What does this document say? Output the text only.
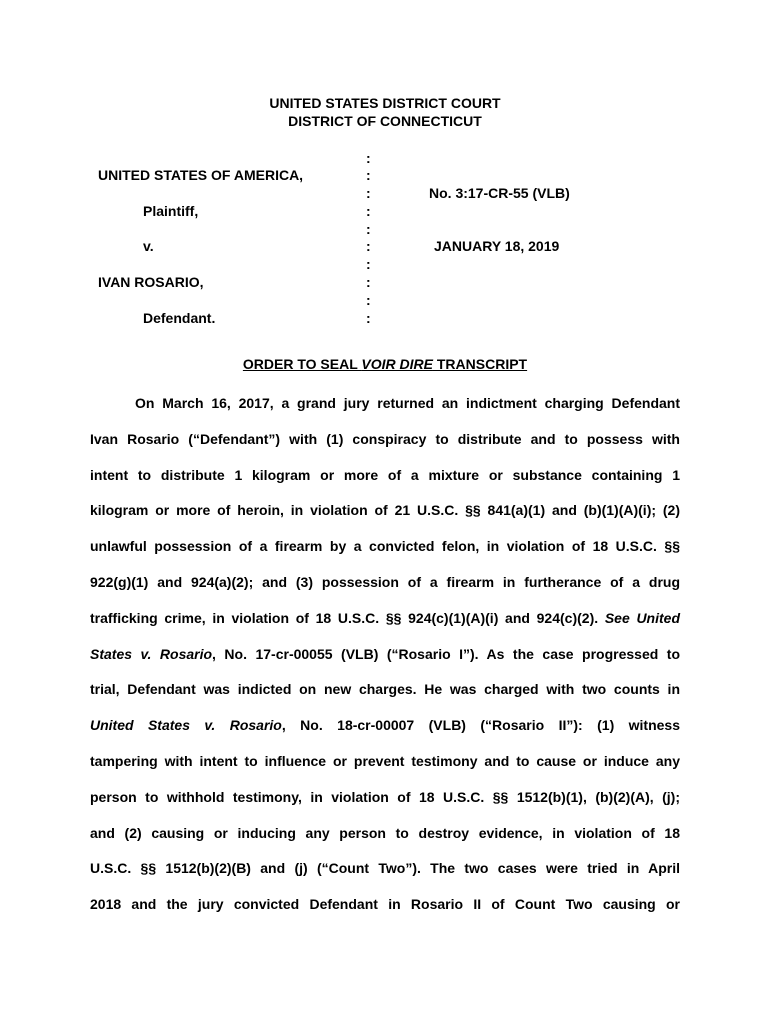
UNITED STATES DISTRICT COURT
DISTRICT OF CONNECTICUT
UNITED STATES OF AMERICA,
Plaintiff,
v.
IVAN ROSARIO,
Defendant.
:
:
:
:
:
:
:
:
:
:
No. 3:17-CR-55 (VLB)
JANUARY 18, 2019
ORDER TO SEAL VOIR DIRE TRANSCRIPT
On March 16, 2017, a grand jury returned an indictment charging Defendant
Ivan Rosario (“Defendant”) with (1) conspiracy to distribute and to possess with
intent to distribute 1 kilogram or more of a mixture or substance containing 1
kilogram or more of heroin, in violation of 21 U.S.C. §§ 841(a)(1) and (b)(1)(A)(i); (2)
unlawful possession of a firearm by a convicted felon, in violation of 18 U.S.C. §§
922(g)(1) and 924(a)(2); and (3) possession of a firearm in furtherance of a drug
trafficking crime, in violation of 18 U.S.C. §§ 924(c)(1)(A)(i) and 924(c)(2). See United
States v. Rosario, No. 17-cr-00055 (VLB) (“Rosario I”). As the case progressed to
trial, Defendant was indicted on new charges. He was charged with two counts in
United States v. Rosario, No. 18-cr-00007 (VLB) (“Rosario II”): (1) witness
tampering with intent to influence or prevent testimony and to cause or induce any
person to withhold testimony, in violation of 18 U.S.C. §§ 1512(b)(1), (b)(2)(A), (j);
and (2) causing or inducing any person to destroy evidence, in violation of 18
U.S.C. §§ 1512(b)(2)(B) and (j) (“Count Two”). The two cases were tried in April
2018 and the jury convicted Defendant in Rosario II of Count Two causing or
